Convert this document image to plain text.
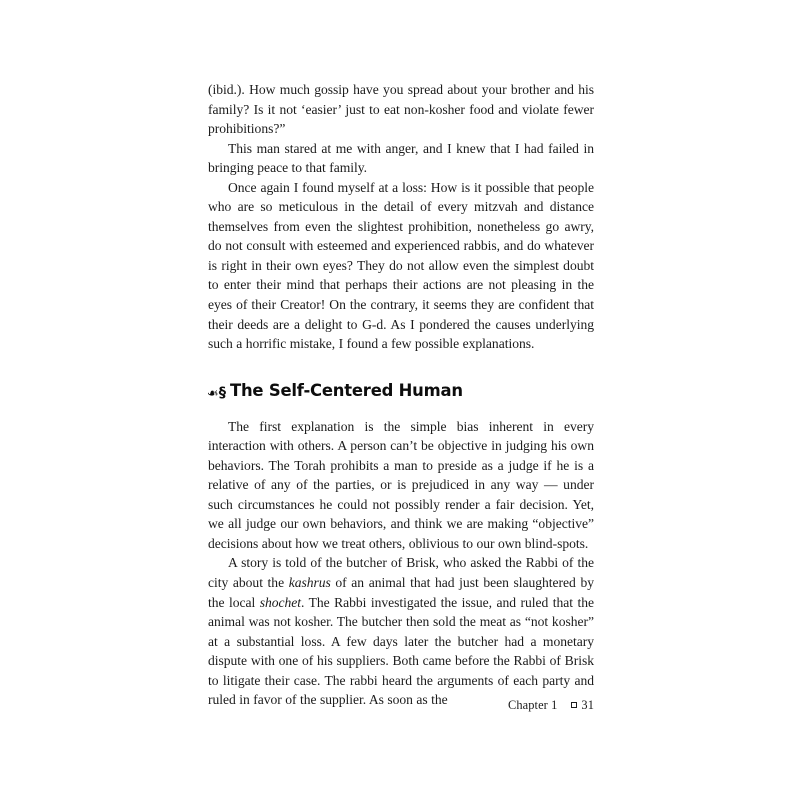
(ibid.). How much gossip have you spread about your brother and his family? Is it not ‘easier’ just to eat non-kosher food and violate fewer prohibitions?”

This man stared at me with anger, and I knew that I had failed in bringing peace to that family.

Once again I found myself at a loss: How is it possible that people who are so meticulous in the detail of every mitzvah and distance themselves from even the slightest prohibition, nonetheless go awry, do not consult with esteemed and experienced rabbis, and do whatever is right in their own eyes? They do not allow even the simplest doubt to enter their mind that perhaps their actions are not pleasing in the eyes of their Creator! On the contrary, it seems they are confident that their deeds are a delight to G-d. As I pondered the causes underlying such a horrific mistake, I found a few possible explanations.

❧§ The Self-Centered Human

The first explanation is the simple bias inherent in every interaction with others. A person can’t be objective in judging his own behaviors. The Torah prohibits a man to preside as a judge if he is a relative of any of the parties, or is prejudiced in any way — under such circumstances he could not possibly render a fair decision. Yet, we all judge our own behaviors, and think we are making “objective” decisions about how we treat others, oblivious to our own blind-spots.

A story is told of the butcher of Brisk, who asked the Rabbi of the city about the kashrus of an animal that had just been slaughtered by the local shochet. The Rabbi investigated the issue, and ruled that the animal was not kosher. The butcher then sold the meat as “not kosher” at a substantial loss. A few days later the butcher had a monetary dispute with one of his suppliers. Both came before the Rabbi of Brisk to litigate their case. The rabbi heard the arguments of each party and ruled in favor of the supplier. As soon as the	Chapter 1 31
